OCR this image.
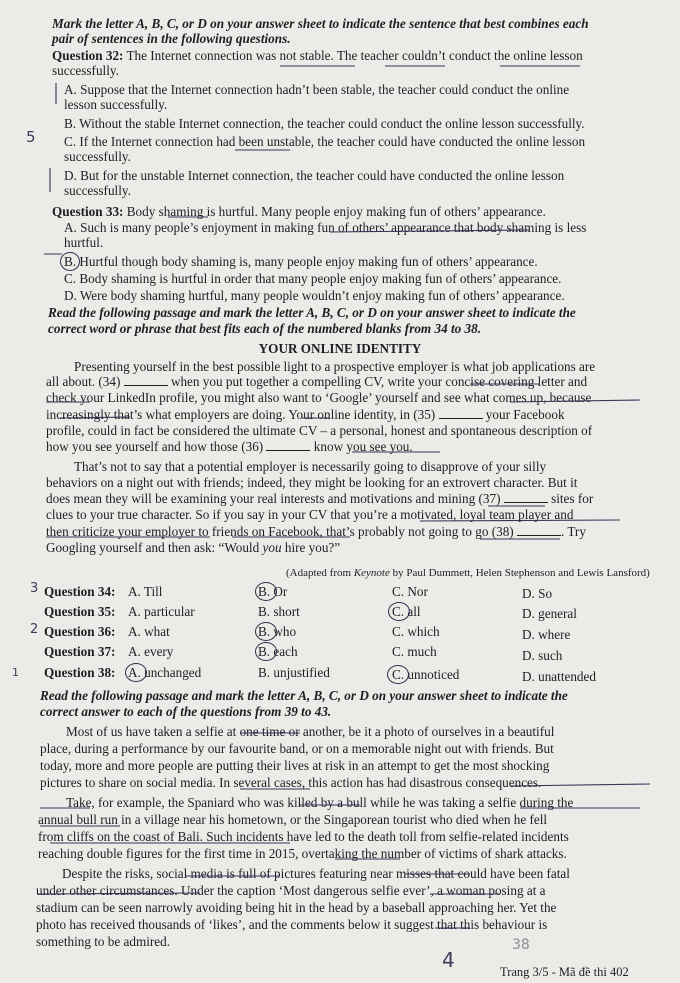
Mark the letter A, B, C, or D on your answer sheet to indicate the sentence that best combines each
pair of sentences in the following questions.
Question 32: The Internet connection was not stable. The teacher couldn’t conduct the online lesson
successfully.
A. Suppose that the Internet connection hadn’t been stable, the teacher could conduct the online
lesson successfully.
B. Without the stable Internet connection, the teacher could conduct the online lesson successfully.
C. If the Internet connection had been unstable, the teacher could have conducted the online lesson
successfully.
D. But for the unstable Internet connection, the teacher could have conducted the online lesson
successfully.
Question 33: Body shaming is hurtful. Many people enjoy making fun of others’ appearance.
A. Such is many people’s enjoyment in making fun of others’ appearance that body shaming is less
hurtful.
B. Hurtful though body shaming is, many people enjoy making fun of others’ appearance.
C. Body shaming is hurtful in order that many people enjoy making fun of others’ appearance.
D. Were body shaming hurtful, many people wouldn’t enjoy making fun of others’ appearance.
Read the following passage and mark the letter A, B, C, or D on your answer sheet to indicate the
correct word or phrase that best fits each of the numbered blanks from 34 to 38.
YOUR ONLINE IDENTITY
Presenting yourself in the best possible light to a prospective employer is what job applications are
all about. (34)	when you put together a compelling CV, write your concise covering letter and
check your LinkedIn profile, you might also want to ‘Google’ yourself and see what comes up, because
increasingly that’s what employers are doing. Your online identity, in (35)	your Facebook
profile, could in fact be considered the ultimate CV – a personal, honest and spontaneous description of
how you see yourself and how those (36)	know you see you.
That’s not to say that a potential employer is necessarily going to disapprove of your silly
behaviors on a night out with friends; indeed, they might be looking for an extrovert character. But it
does mean they will be examining your real interests and motivations and mining (37)	sites for
clues to your true character. So if you say in your CV that you’re a motivated, loyal team player and
then criticize your employer to friends on Facebook, that’s probably not going to go (38)	. Try
Googling yourself and then ask: “Would you hire you?”
(Adapted from Keynote by Paul Dummett, Helen Stephenson and Lewis Lansford)
Question 34: A. Till	B. Or	C. Nor	D. So
Question 35: A. particular	B. short	C. all	D. general
Question 36: A. what	B. who	C. which	D. where
Question 37: A. every	B. each	C. much	D. such
Question 38: A. unchanged	B. unjustified	C. unnoticed	D. unattended
Read the following passage and mark the letter A, B, C, or D on your answer sheet to indicate the
correct answer to each of the questions from 39 to 43.
Most of us have taken a selfie at one time or another, be it a photo of ourselves in a beautiful
place, during a performance by our favourite band, or on a memorable night out with friends. But
today, more and more people are putting their lives at risk in an attempt to get the most shocking
pictures to share on social media. In several cases, this action has had disastrous consequences.
Take, for example, the Spaniard who was killed by a bull while he was taking a selfie during the
annual bull run in a village near his hometown, or the Singaporean tourist who died when he fell
from cliffs on the coast of Bali. Such incidents have led to the death toll from selfie-related incidents
reaching double figures for the first time in 2015, overtaking the number of victims of shark attacks.
Despite the risks, social media is full of pictures featuring near misses that could have been fatal
under other circumstances. Under the caption ‘Most dangerous selfie ever’, a woman posing at a
stadium can be seen narrowly avoiding being hit in the head by a baseball approaching her. Yet the
photo has received thousands of ‘likes’, and the comments below it suggest that this behaviour is
something to be admired.
Trang 3/5 - Mã đề thi 402
5
3
2
1
4
38
